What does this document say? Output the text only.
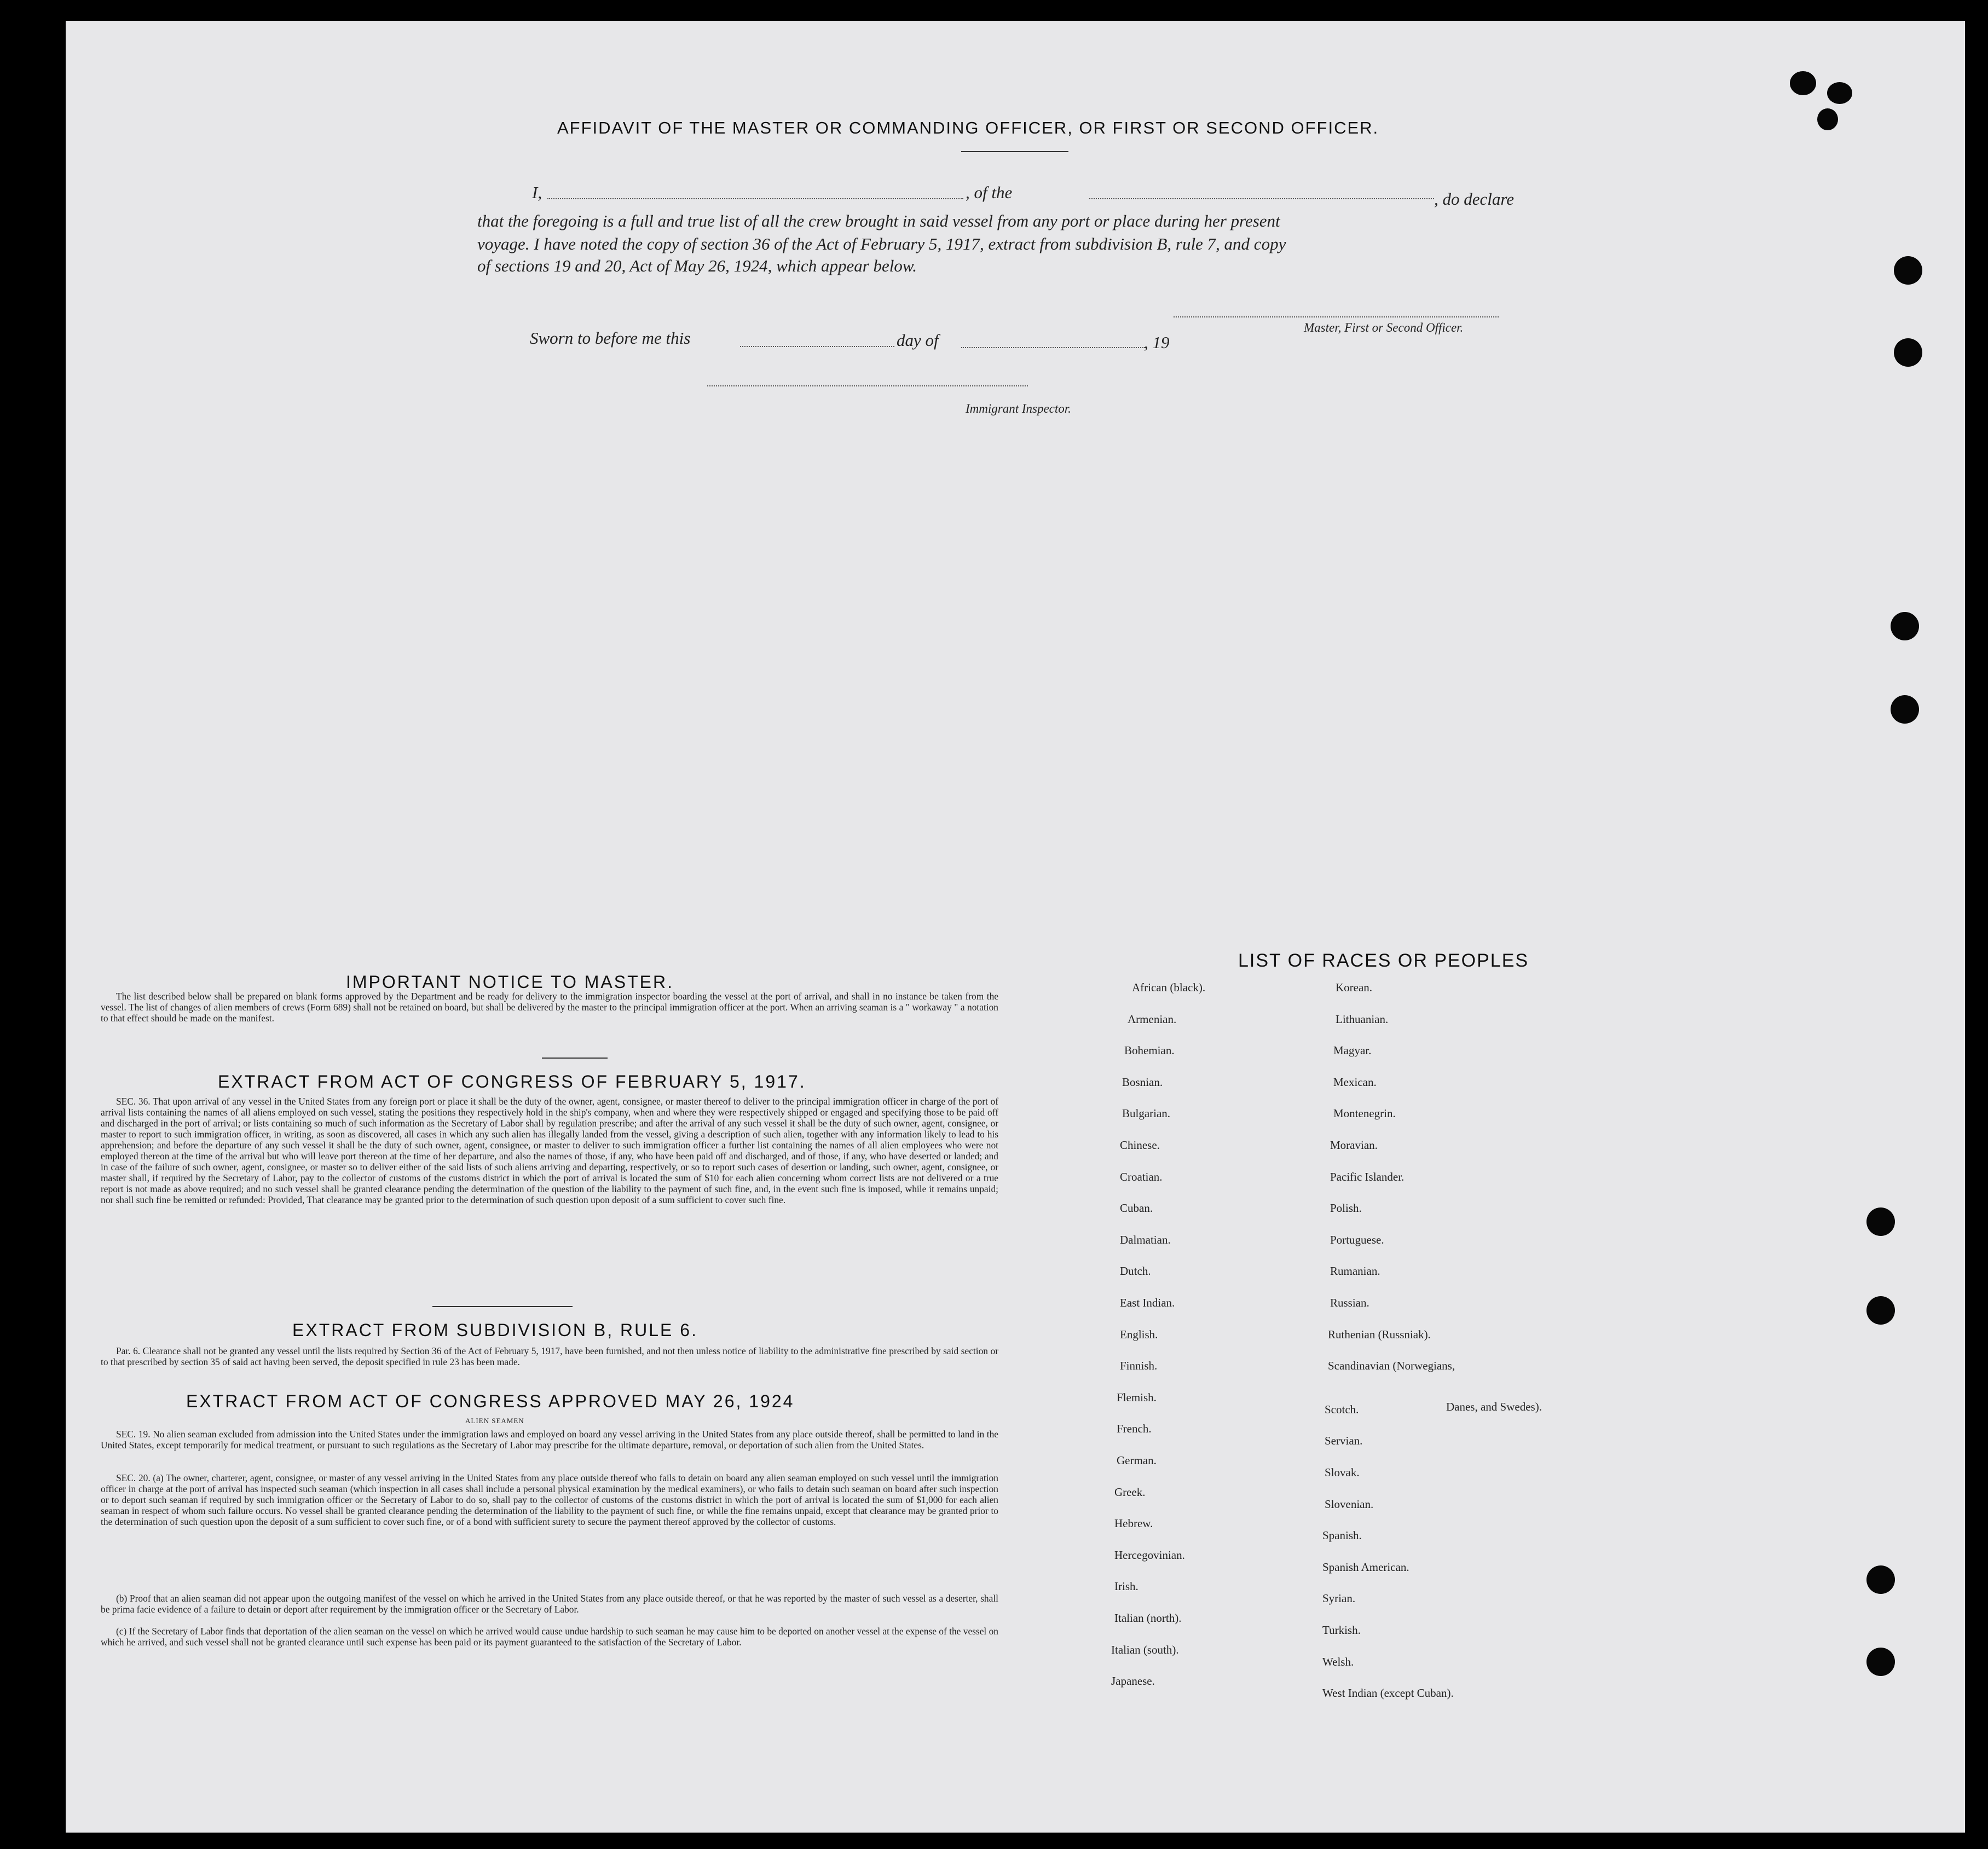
AFFIDAVIT OF THE MASTER OR COMMANDING OFFICER, OR FIRST OR SECOND OFFICER.
I,	, of the	, do declare
that the foregoing is a full and true list of all the crew brought in said vessel from any port or place during her present
voyage. I have noted the copy of section 36 of the Act of February 5, 1917, extract from subdivision B, rule 7, and copy
of sections 19 and 20, Act of May 26, 1924, which appear below.
Master, First or Second Officer.
Sworn to before me this	day of	, 19
Immigrant Inspector.
IMPORTANT NOTICE TO MASTER.
The list described below shall be prepared on blank forms approved by the Department and be ready for delivery to the immigration inspector boarding the vessel at the port of arrival, and shall in no instance be taken from the vessel. The list of changes of alien members of crews (Form 689) shall not be retained on board, but shall be delivered by the master to the principal immigration officer at the port. When an arriving seaman is a " workaway " a notation to that effect should be made on the manifest.
EXTRACT FROM ACT OF CONGRESS OF FEBRUARY 5, 1917.
SEC. 36. That upon arrival of any vessel in the United States from any foreign port or place it shall be the duty of the owner, agent, consignee, or master thereof to deliver to the principal immigration officer in charge of the port of arrival lists containing the names of all aliens employed on such vessel, stating the positions they respectively hold in the ship's company, when and where they were respectively shipped or engaged and specifying those to be paid off and discharged in the port of arrival; or lists containing so much of such information as the Secretary of Labor shall by regulation prescribe; and after the arrival of any such vessel it shall be the duty of such owner, agent, consignee, or master to report to such immigration officer, in writing, as soon as discovered, all cases in which any such alien has illegally landed from the vessel, giving a description of such alien, together with any information likely to lead to his apprehension; and before the departure of any such vessel it shall be the duty of such owner, agent, consignee, or master to deliver to such immigration officer a further list containing the names of all alien employees who were not employed thereon at the time of the arrival but who will leave port thereon at the time of her departure, and also the names of those, if any, who have been paid off and discharged, and of those, if any, who have deserted or landed; and in case of the failure of such owner, agent, consignee, or master so to deliver either of the said lists of such aliens arriving and departing, respectively, or so to report such cases of desertion or landing, such owner, agent, consignee, or master shall, if required by the Secretary of Labor, pay to the collector of customs of the customs district in which the port of arrival is located the sum of $10 for each alien concerning whom correct lists are not delivered or a true report is not made as above required; and no such vessel shall be granted clearance pending the determination of the question of the liability to the payment of such fine, and, in the event such fine is imposed, while it remains unpaid; nor shall such fine be remitted or refunded: Provided, That clearance may be granted prior to the determination of such question upon deposit of a sum sufficient to cover such fine.
EXTRACT FROM SUBDIVISION B, RULE 6.
Par. 6. Clearance shall not be granted any vessel until the lists required by Section 36 of the Act of February 5, 1917, have been furnished, and not then unless notice of liability to the administrative fine prescribed by said section or to that prescribed by section 35 of said act having been served, the deposit specified in rule 23 has been made.
EXTRACT FROM ACT OF CONGRESS APPROVED MAY 26, 1924
ALIEN SEAMEN
SEC. 19. No alien seaman excluded from admission into the United States under the immigration laws and employed on board any vessel arriving in the United States from any place outside thereof, shall be permitted to land in the United States, except temporarily for medical treatment, or pursuant to such regulations as the Secretary of Labor may prescribe for the ultimate departure, removal, or deportation of such alien from the United States.
SEC. 20. (a) The owner, charterer, agent, consignee, or master of any vessel arriving in the United States from any place outside thereof who fails to detain on board any alien seaman employed on such vessel until the immigration officer in charge at the port of arrival has inspected such seaman (which inspection in all cases shall include a personal physical examination by the medical examiners), or who fails to detain such seaman on board after such inspection or to deport such seaman if required by such immigration officer or the Secretary of Labor to do so, shall pay to the collector of customs of the customs district in which the port of arrival is located the sum of $1,000 for each alien seaman in respect of whom such failure occurs. No vessel shall be granted clearance pending the determination of the liability to the payment of such fine, or while the fine remains unpaid, except that clearance may be granted prior to the determination of such question upon the deposit of a sum sufficient to cover such fine, or of a bond with sufficient surety to secure the payment thereof approved by the collector of customs.
(b) Proof that an alien seaman did not appear upon the outgoing manifest of the vessel on which he arrived in the United States from any place outside thereof, or that he was reported by the master of such vessel as a deserter, shall be prima facie evidence of a failure to detain or deport after requirement by the immigration officer or the Secretary of Labor.
(c) If the Secretary of Labor finds that deportation of the alien seaman on the vessel on which he arrived would cause undue hardship to such seaman he may cause him to be deported on another vessel at the expense of the vessel on which he arrived, and such vessel shall not be granted clearance until such expense has been paid or its payment guaranteed to the satisfaction of the Secretary of Labor.
LIST OF RACES OR PEOPLES
Danes, and Swedes).
African (black).
Armenian.
Bohemian.
Bosnian.
Bulgarian.
Chinese.
Croatian.
Cuban.
Dalmatian.
Dutch.
East Indian.
English.
Finnish.
Flemish.
French.
German.
Greek.
Hebrew.
Hercegovinian.
Irish.
Italian (north).
Italian (south).
Japanese.
Korean.
Lithuanian.
Magyar.
Mexican.
Montenegrin.
Moravian.
Pacific Islander.
Polish.
Portuguese.
Rumanian.
Russian.
Ruthenian (Russniak).
Scandinavian (Norwegians,
Scotch.
Servian.
Slovak.
Slovenian.
Spanish.
Spanish American.
Syrian.
Turkish.
Welsh.
West Indian (except Cuban).
